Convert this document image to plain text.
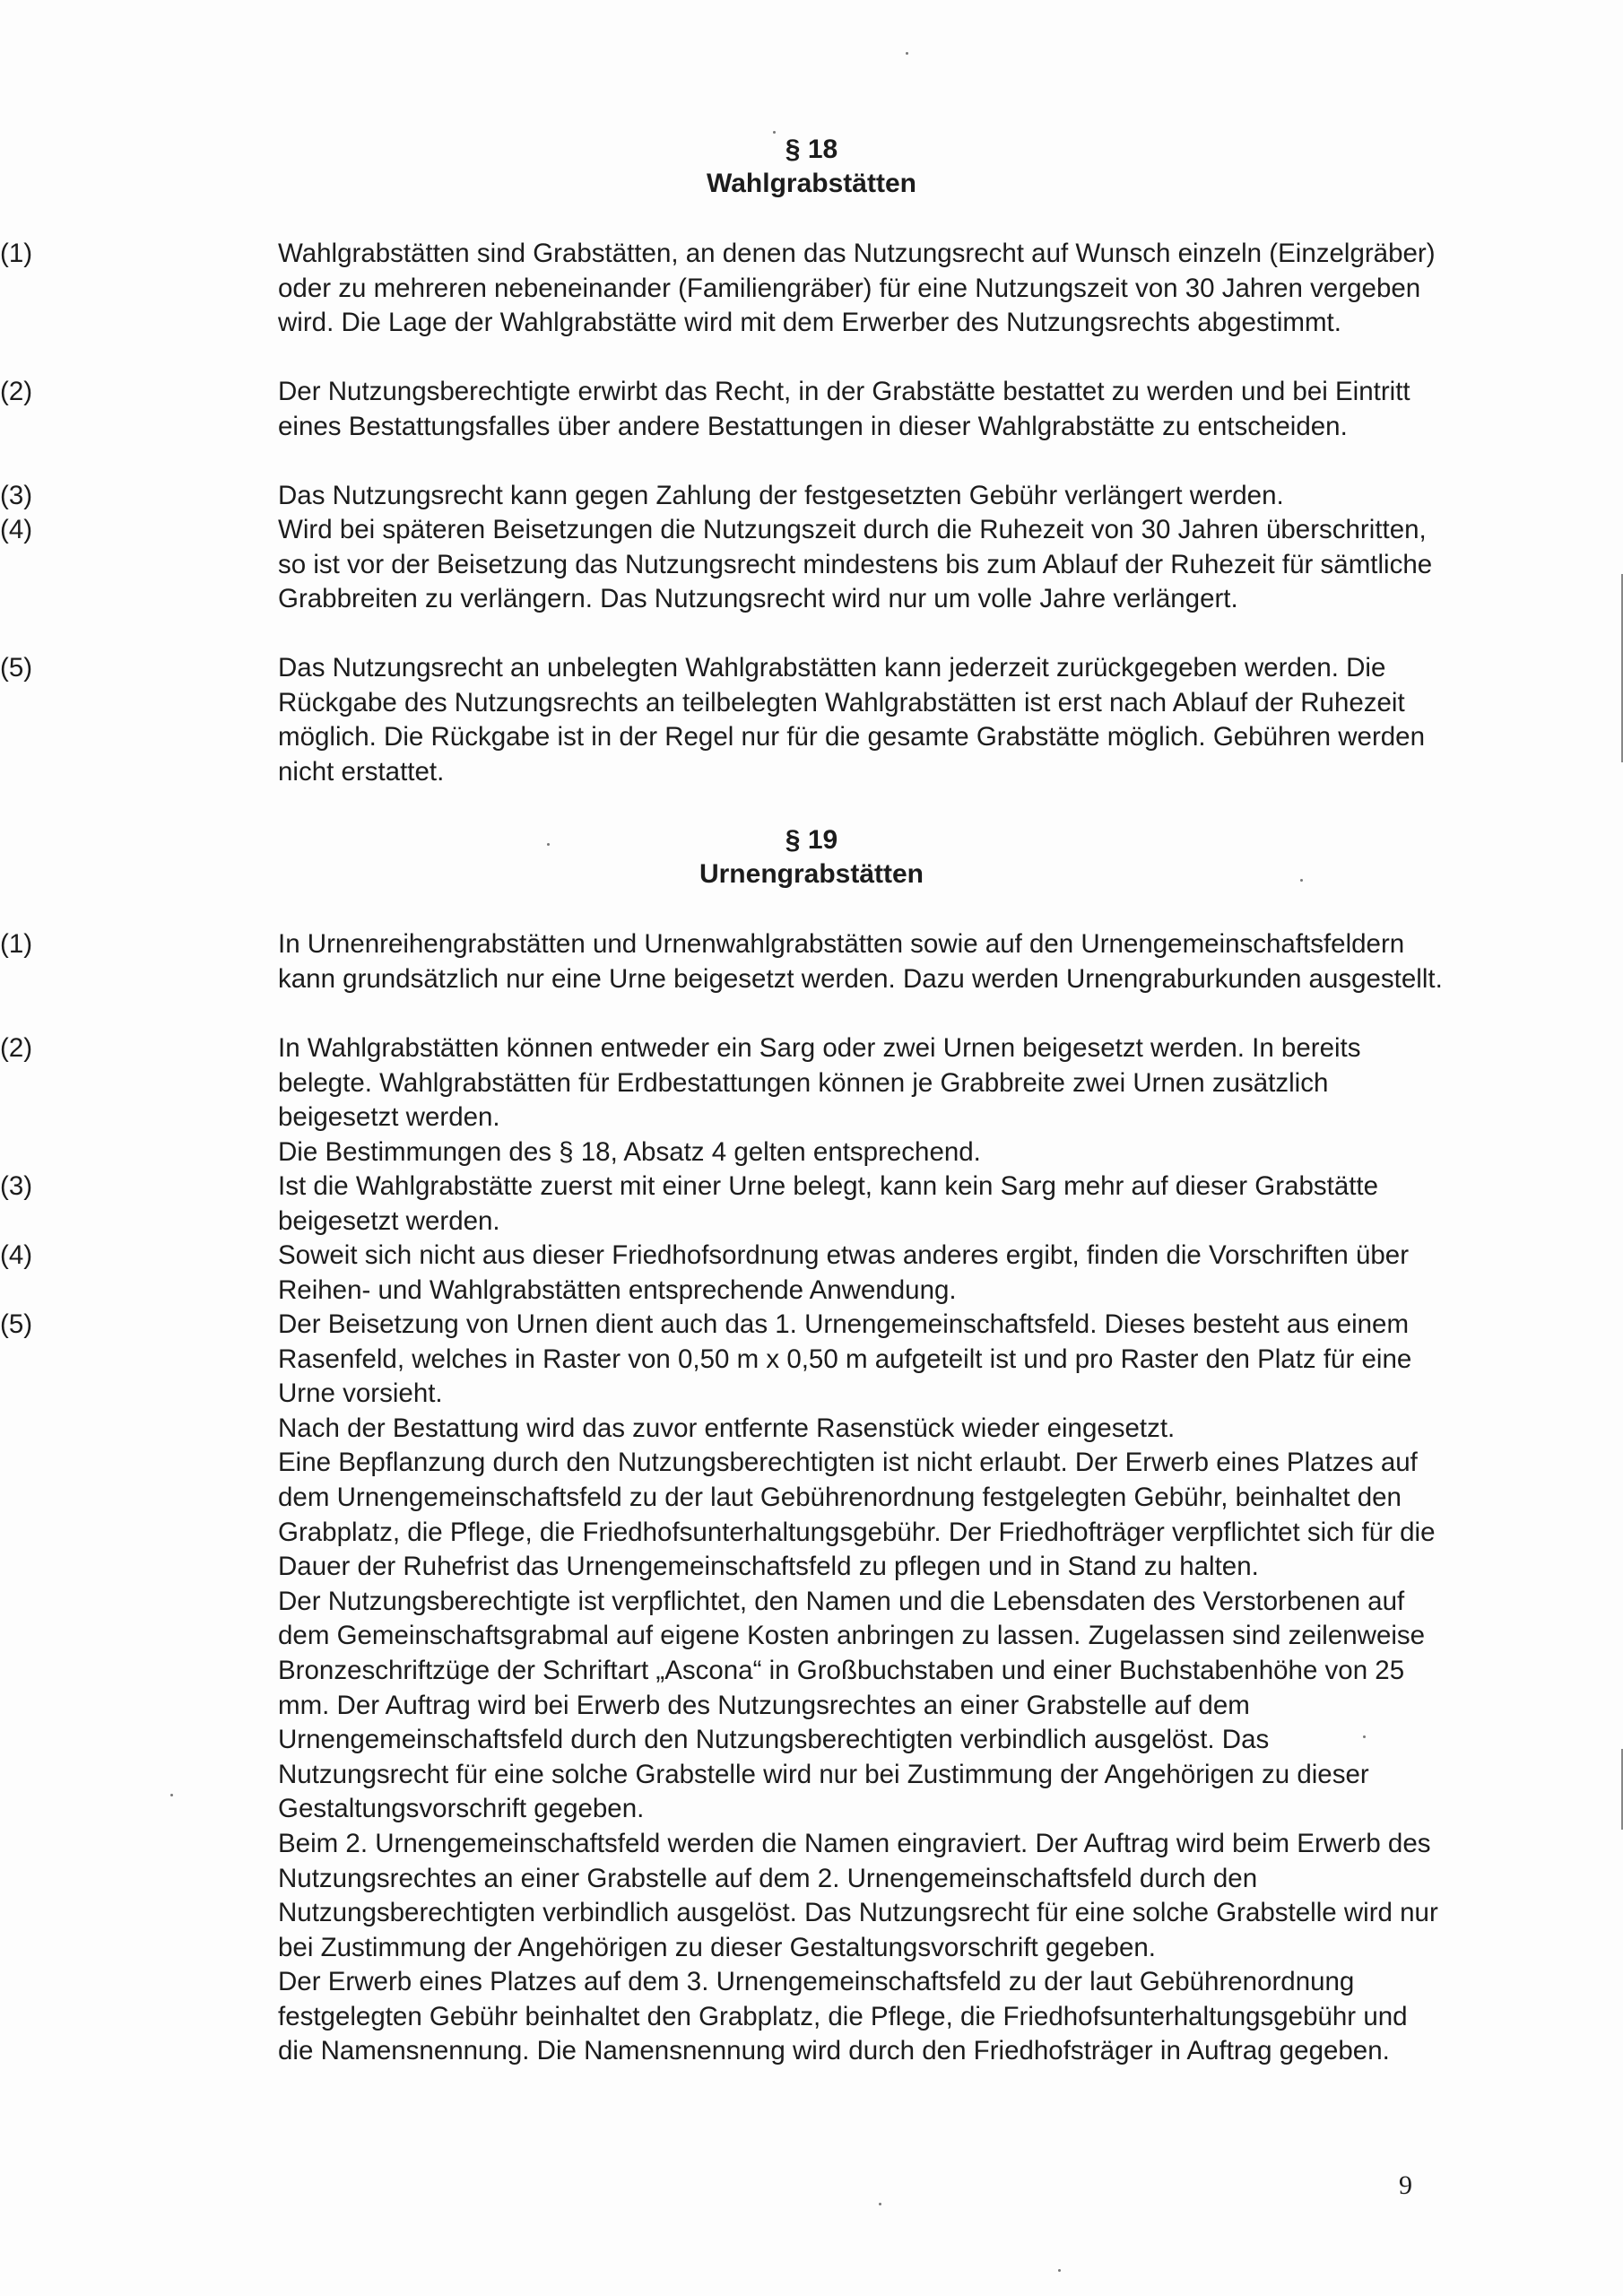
§ 18
Wahlgrabstätten
(1)	Wahlgrabstätten sind Grabstätten, an denen das Nutzungsrecht auf Wunsch einzeln (Einzelgräber) oder zu mehreren nebeneinander (Familiengräber) für eine Nutzungszeit von 30 Jahren vergeben wird. Die Lage der Wahlgrabstätte wird mit dem Erwerber des Nutzungsrechts abgestimmt.

(2)	Der Nutzungsberechtigte erwirbt das Recht, in der Grabstätte bestattet zu werden und bei Eintritt eines Bestattungsfalles über andere Bestattungen in dieser Wahlgrabstätte zu entscheiden.

(3)	Das Nutzungsrecht kann gegen Zahlung der festgesetzten Gebühr verlängert werden.

(4)	Wird bei späteren Beisetzungen die Nutzungszeit durch die Ruhezeit von 30 Jahren überschritten, so ist vor der Beisetzung das Nutzungsrecht mindestens bis zum Ablauf der Ruhezeit für sämtliche Grabbreiten zu verlängern. Das Nutzungsrecht wird nur um volle Jahre verlängert.

(5)	Das Nutzungsrecht an unbelegten Wahlgrabstätten kann jederzeit zurückgegeben werden. Die Rückgabe des Nutzungsrechts an teilbelegten Wahlgrabstätten ist erst nach Ablauf der Ruhezeit möglich. Die Rückgabe ist in der Regel nur für die gesamte Grabstätte möglich. Gebühren werden nicht erstattet.

§ 19
Urnengrabstätten
(1)	In Urnenreihengrabstätten und Urnenwahlgrabstätten sowie auf den Urnengemeinschaftsfeldern kann grundsätzlich nur eine Urne beigesetzt werden. Dazu werden Urnengraburkunden ausgestellt.

(2)	In Wahlgrabstätten können entweder ein Sarg oder zwei Urnen beigesetzt werden. In bereits belegte. Wahlgrabstätten für Erdbestattungen können je Grabbreite zwei Urnen zusätzlich beigesetzt werden.

Die Bestimmungen des § 18, Absatz 4 gelten entsprechend.

(3)	Ist die Wahlgrabstätte zuerst mit einer Urne belegt, kann kein Sarg mehr auf dieser Grabstätte beigesetzt werden.

(4)	Soweit sich nicht aus dieser Friedhofsordnung etwas anderes ergibt, finden die Vorschriften über Reihen- und Wahlgrabstätten entsprechende Anwendung.

(5)	Der Beisetzung von Urnen dient auch das 1. Urnengemeinschaftsfeld. Dieses besteht aus einem Rasenfeld, welches in Raster von 0,50 m x 0,50 m aufgeteilt ist und pro Raster den Platz für eine Urne vorsieht.

Nach der Bestattung wird das zuvor entfernte Rasenstück wieder eingesetzt.

Eine Bepflanzung durch den Nutzungsberechtigten ist nicht erlaubt. Der Erwerb eines Platzes auf dem Urnengemeinschaftsfeld zu der laut Gebührenordnung festgelegten Gebühr, beinhaltet den Grabplatz, die Pflege, die Friedhofsunterhaltungsgebühr. Der Friedhofträger verpflichtet sich für die Dauer der Ruhefrist das Urnengemeinschaftsfeld zu pflegen und in Stand zu halten.

Der Nutzungsberechtigte ist verpflichtet, den Namen und die Lebensdaten des Verstorbenen auf dem Gemeinschaftsgrabmal auf eigene Kosten anbringen zu lassen. Zugelassen sind zeilenweise Bronzeschriftzüge der Schriftart „Ascona“ in Großbuchstaben und einer Buchstabenhöhe von 25 mm. Der Auftrag wird bei Erwerb des Nutzungsrechtes an einer Grabstelle auf dem Urnengemeinschaftsfeld durch den Nutzungsberechtigten verbindlich ausgelöst. Das Nutzungsrecht für eine solche Grabstelle wird nur bei Zustimmung der Angehörigen zu dieser Gestaltungsvorschrift gegeben.

Beim 2. Urnengemeinschaftsfeld werden die Namen eingraviert. Der Auftrag wird beim Erwerb des Nutzungsrechtes an einer Grabstelle auf dem 2. Urnengemeinschaftsfeld durch den Nutzungsberechtigten verbindlich ausgelöst. Das Nutzungsrecht für eine solche Grabstelle wird nur bei Zustimmung der Angehörigen zu dieser Gestaltungsvorschrift gegeben.

Der Erwerb eines Platzes auf dem 3. Urnengemeinschaftsfeld zu der laut Gebührenordnung festgelegten Gebühr beinhaltet den Grabplatz, die Pflege, die Friedhofsunterhaltungsgebühr und die Namensnennung. Die Namensnennung wird durch den Friedhofsträger in Auftrag gegeben.

9
